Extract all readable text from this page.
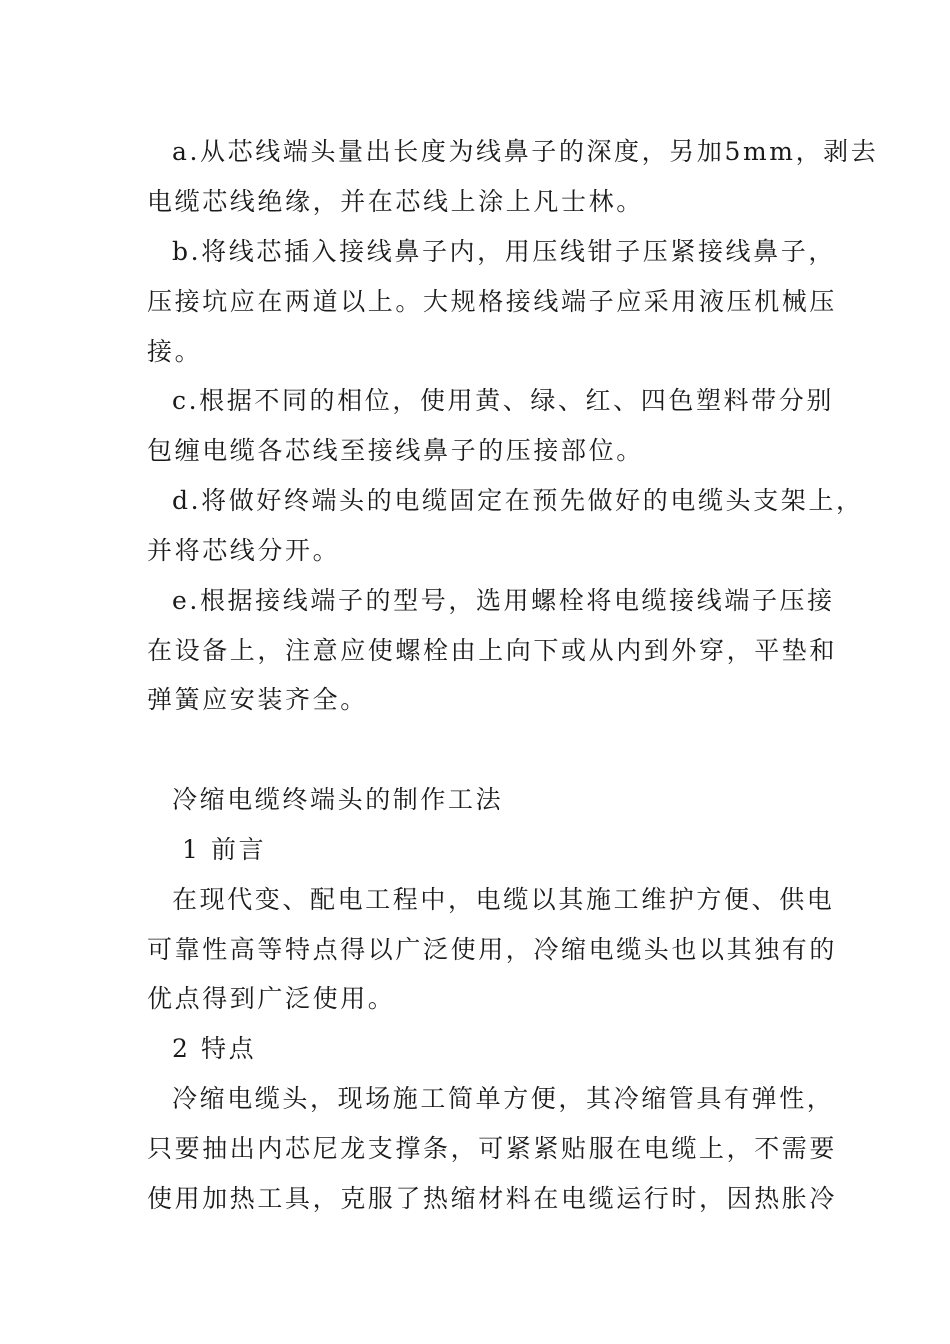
a.从芯线端头量出长度为线鼻子的深度，另加5mm，剥去
电缆芯线绝缘，并在芯线上涂上凡士林。
b.将线芯插入接线鼻子内，用压线钳子压紧接线鼻子，
压接坑应在两道以上。大规格接线端子应采用液压机械压
接。
c.根据不同的相位，使用黄、绿、红、四色塑料带分别
包缠电缆各芯线至接线鼻子的压接部位。
d.将做好终端头的电缆固定在预先做好的电缆头支架上，
并将芯线分开。
e.根据接线端子的型号，选用螺栓将电缆接线端子压接
在设备上，注意应使螺栓由上向下或从内到外穿，平垫和
弹簧应安装齐全。
冷缩电缆终端头的制作工法
1 前言
在现代变、配电工程中，电缆以其施工维护方便、供电
可靠性高等特点得以广泛使用，冷缩电缆头也以其独有的
优点得到广泛使用。
2 特点
冷缩电缆头，现场施工简单方便，其冷缩管具有弹性，
只要抽出内芯尼龙支撑条，可紧紧贴服在电缆上，不需要
使用加热工具，克服了热缩材料在电缆运行时，因热胀冷
